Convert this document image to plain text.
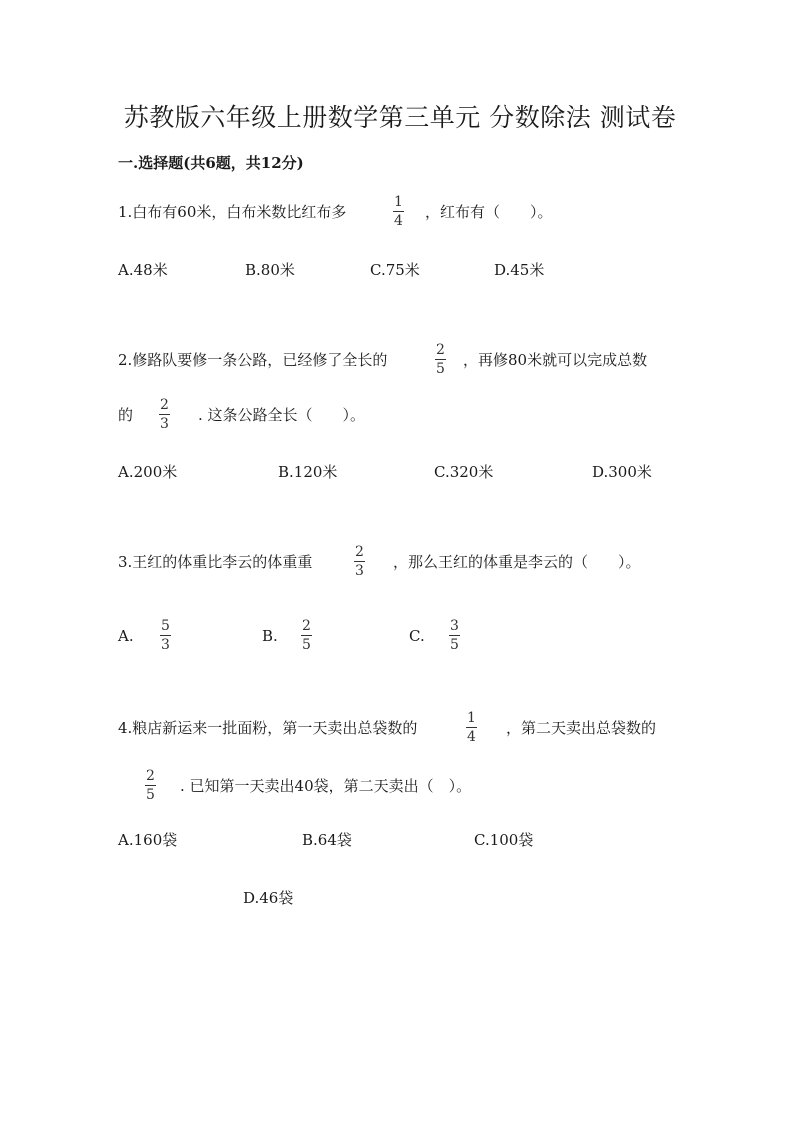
苏教版六年级上册数学第三单元 分数除法 测试卷
一.选择题(共6题，共12分)
1.白布有60米，白布米数比红布多
1
4 ，红布有（　　）。
A.48米	B.80米	C.75米	D.45米
2.修路队要修一条公路，已经修了全长的
2
5 ，再修80米就可以完成总数
的
2
3 . 这条公路全长（　　）。
A.200米	B.120米	C.320米	D.300米
3.王红的体重比李云的体重重
2
3 ，那么王红的体重是李云的（　　）。
A.
5
3	B.
2
5	C.
3
5
4.粮店新运来一批面粉，第一天卖出总袋数的
1
4 ，第二天卖出总袋数的
2
5 . 已知第一天卖出40袋，第二天卖出（　）。
A.160袋	B.64袋	C.100袋
D.46袋
